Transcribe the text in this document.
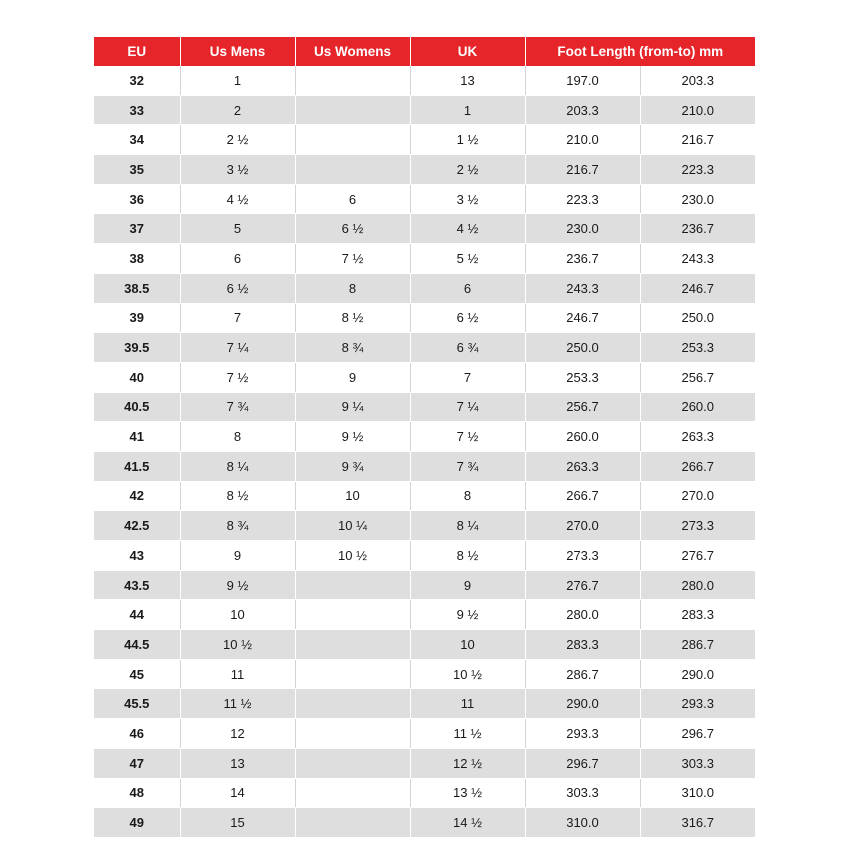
EU	Us Mens	Us Womens	UK	Foot Length (from-to) mm	
32	1		13	197.0	203.3
33	2		1	203.3	210.0
34	2 ½		1 ½	210.0	216.7
35	3 ½		2 ½	216.7	223.3
36	4 ½	6	3 ½	223.3	230.0
37	5	6 ½	4 ½	230.0	236.7
38	6	7 ½	5 ½	236.7	243.3
38.5	6 ½	8	6	243.3	246.7
39	7	8 ½	6 ½	246.7	250.0
39.5	7 ¼	8 ¾	6 ¾	250.0	253.3
40	7 ½	9	7	253.3	256.7
40.5	7 ¾	9 ¼	7 ¼	256.7	260.0
41	8	9 ½	7 ½	260.0	263.3
41.5	8 ¼	9 ¾	7 ¾	263.3	266.7
42	8 ½	10	8	266.7	270.0
42.5	8 ¾	10 ¼	8 ¼	270.0	273.3
43	9	10 ½	8 ½	273.3	276.7
43.5	9 ½		9	276.7	280.0
44	10		9 ½	280.0	283.3
44.5	10 ½		10	283.3	286.7
45	11		10 ½	286.7	290.0
45.5	11 ½		11	290.0	293.3
46	12		11 ½	293.3	296.7
47	13		12 ½	296.7	303.3
48	14		13 ½	303.3	310.0
49	15		14 ½	310.0	316.7
